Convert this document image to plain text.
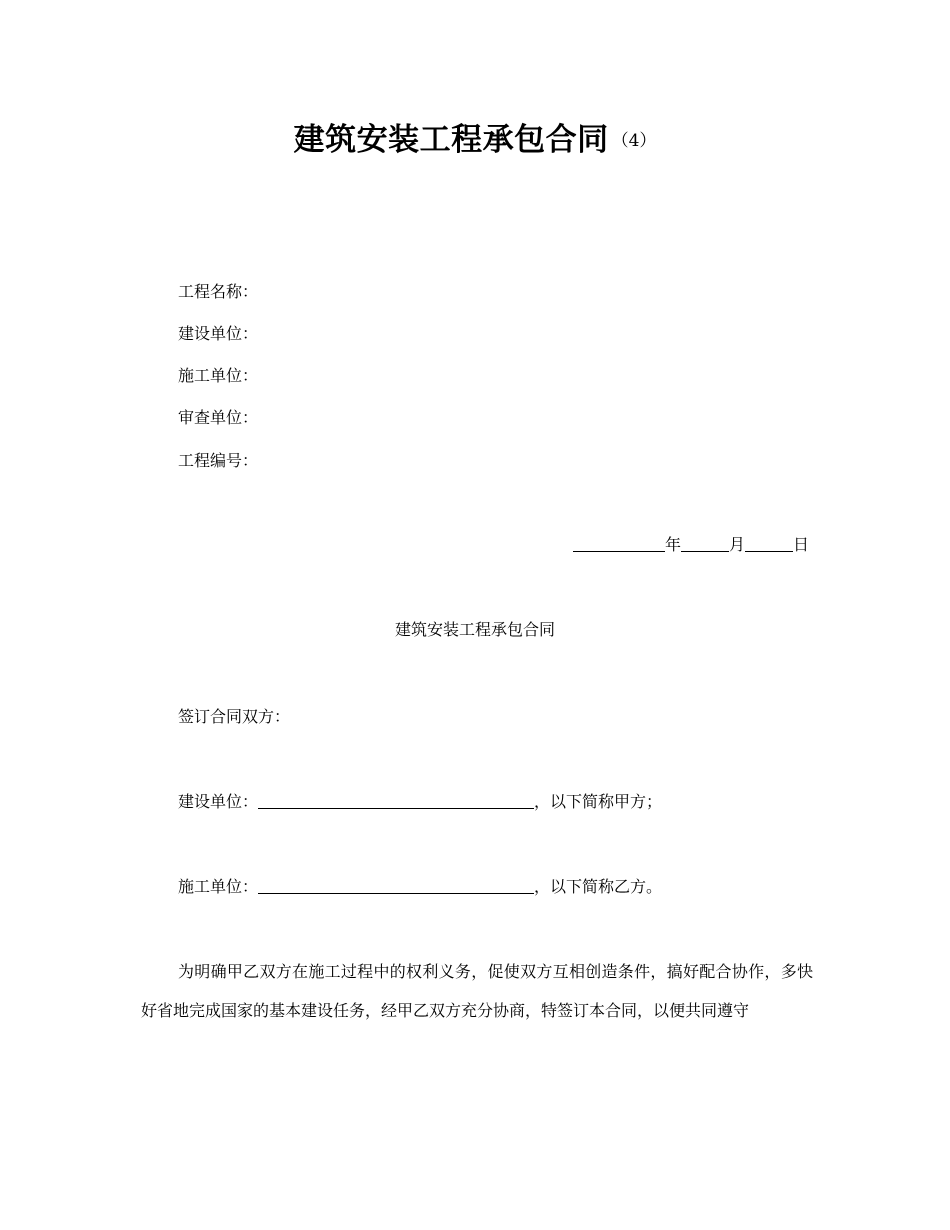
建筑安装工程承包合同 （4）
工程名称：
建设单位：
施工单位：
审查单位：
工程编号：
年	月	日
建筑安装工程承包合同
签订合同双方：
建设单位：	，以下简称甲方；
施工单位：	，以下简称乙方。
为明确甲乙双方在施工过程中的权利义务，促使双方互相创造条件，搞好配合协作，多快好省地完成国家的基本建设任务，经甲乙双方充分协商，特签订本合同，以便共同遵守
